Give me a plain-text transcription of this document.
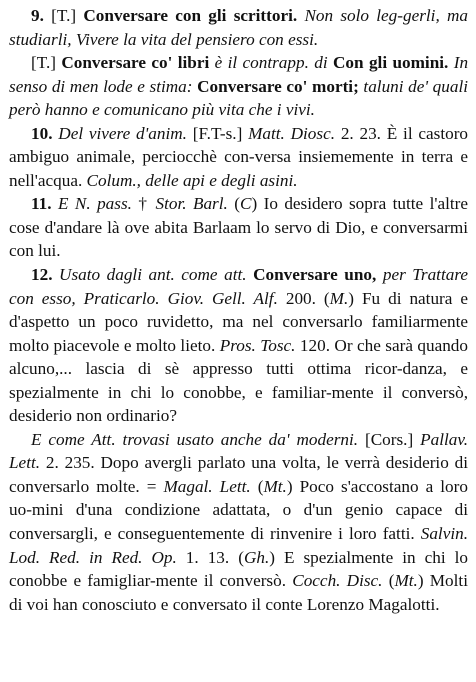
9. [T.] Conversare con gli scrittori. Non solo leg-gerli, ma studiarli, Vivere la vita del pensiero con essi.

[T.] Conversare co' libri è il contrapp. di Con gli uomini. In senso di men lode e stima: Conversare co' morti; taluni de' quali però hanno e comunicano più vita che i vivi.

10. Del vivere d'anim. [F.T-s.] Matt. Diosc. 2. 23. È il castoro ambiguo animale, perciocchè con-versa insiememente in terra e nell'acqua. Colum., delle api e degli asini.

11. E N. pass. † Stor. Barl. (C) Io desidero sopra tutte l'altre cose d'andare là ove abita Barlaam lo servo di Dio, e conversarmi con lui.

12. Usato dagli ant. come att. Conversare uno, per Trattare con esso, Praticarlo. Giov. Gell. Alf. 200. (M.) Fu di natura e d'aspetto un poco ruvidetto, ma nel conversarlo familiarmente molto piacevole e molto lieto. Pros. Tosc. 120. Or che sarà quando alcuno,... lascia di sè appresso tutti ottima ricor-danza, e spezialmente in chi lo conobbe, e familiar-mente il conversò, desiderio non ordinario?

E come Att. trovasi usato anche da' moderni. [Cors.] Pallav. Lett. 2. 235. Dopo avergli parlato una volta, le verrà desiderio di conversarlo molte. = Magal. Lett. (Mt.) Poco s'accostano a loro uo-mini d'una condizione adattata, o d'un genio capace di conversargli, e conseguentemente di rinvenire i loro fatti. Salvin. Lod. Red. in Red. Op. 1. 13. (Gh.) E spezialmente in chi lo conobbe e famigliar-mente il conversò. Cocch. Disc. (Mt.) Molti di voi han conosciuto e conversato il conte Lorenzo Magalotti.
